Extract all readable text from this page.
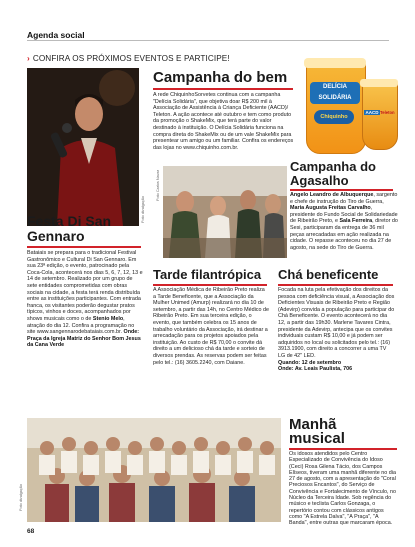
Agenda social
› CONFIRA OS PRÓXIMOS EVENTOS E PARTICIPE!
Foto divulgação
Campanha do bem
A rede ChiquinhoSorvetes continua com a campanha "Delícia Solidária", que objetiva doar R$ 200 mil à Associação de Assistência à Criança Deficiente (AACD)/ Teleton. A ação acontece até outubro e tem como produto da promoção o ShakeMix, que terá parte do valor destinado à instituição. O Delícia Solidária funciona na compra direta do ShakeMix ou de um vale ShakeMix para presentear um amigo ou um familiar. Confira os endereços das lojas no www.chiquinho.com.br.
DELÍCIA SOLIDÁRIA
Chiquinho
AACD Teleton
Foto Carlos Navar
Campanha do Agasalho
Angelo Leandro de Albuquerque, sargento e chefe de instrução do Tiro de Guerra, Maria Augusta Freitas Carvalho, presidente do Fundo Social de Solidariedade de Ribeirão Preto, e Sala Ferreira, diretor do Sesi, participaram da entrega de 36 mil peças arrecadadas em ação realizada na cidade. O repasse aconteceu no dia 27 de agosto, na sede do Tiro de Guerra.
Festa Di San Gennaro
Bataiais se prepara para o tradicional Festival Gastronômico e Cultural Di San Gennaro. Em sua 23ª edição, o evento, patrocinado pela Coca-Cola, acontecerá nos dias 5, 6, 7, 12, 13 e 14 de setembro. Realizado por um grupo de sete entidades comprometidas com obras sociais na cidade, a festa terá renda distribuída entre as instituições participantes. Com entrada franca, os visitantes poderão degustar pratos típicos, vinhos e doces, acompanhados por shows musicais como o de Stenio Melo, atração do dia 12. Confira a programação no site www.sangennarodebataiais.com.br. Onde: Praça da Igreja Matriz do Senhor Bom Jesus da Cana Verde
Tarde filantrópica
A Associação Médica de Ribeirão Preto realiza a Tarde Beneficente, que a Associação da Mulher Unimed (Amurp) realizará no dia 10 de setembro, a partir das 14h, no Centro Médico de Ribeirão Preto. Em sua terceira edição, o evento, que também celebra os 15 anos de trabalho voluntário da Associação, irá destinar a arrecadação para os projetos apoiados pela instituição. Ao custo de R$ 70,00 o convite dá direito a um delicioso chá da tarde e sorteio de diversos prendas. As reservas podem ser feitas pelo tel.: (16) 3605.2240, com Daiane.
Chá beneficente
Focada na luta pela efetivação dos direitos da pessoa com deficiência visual, a Associação dos Deficientes Visuais de Ribeirão Preto e Região (Adevirp) convida a população para participar do Chá Beneficente. O evento acontecerá no dia 12, a partir das 19h30. Marlene Tavares Cintra, presidente da Adevirp, antecipa que os convites individuais custam R$ 10,00 e já podem ser adquiridos no local ou solicitados pelo tel.: (16) 3913.1900, com direito a concorrer a uma TV LG de 42" LED.
Quando: 12 de setembro
Onde: Av. Leais Paulista, 706
Foto divulgação
Manhã musical
Os idosos atendidos pelo Centro Especializado de Convivência do Idoso (Ceci) Rosa Gilena Tácio, dos Campos Elíseos, tiveram uma manhã diferente no dia 27 de agosto, com a apresentação do "Coral Preciosos Encantos", do Serviço de Convivência e Fortalecimento de Vínculo, no Núcleo da Terceira Idade. Sob regência do músico e teclista Carlos Gonzaga, o repertório contou com clássicos antigos como "A Estrela Dalva", "A Praça", "A Banda", entre outras que marcaram época.
68
